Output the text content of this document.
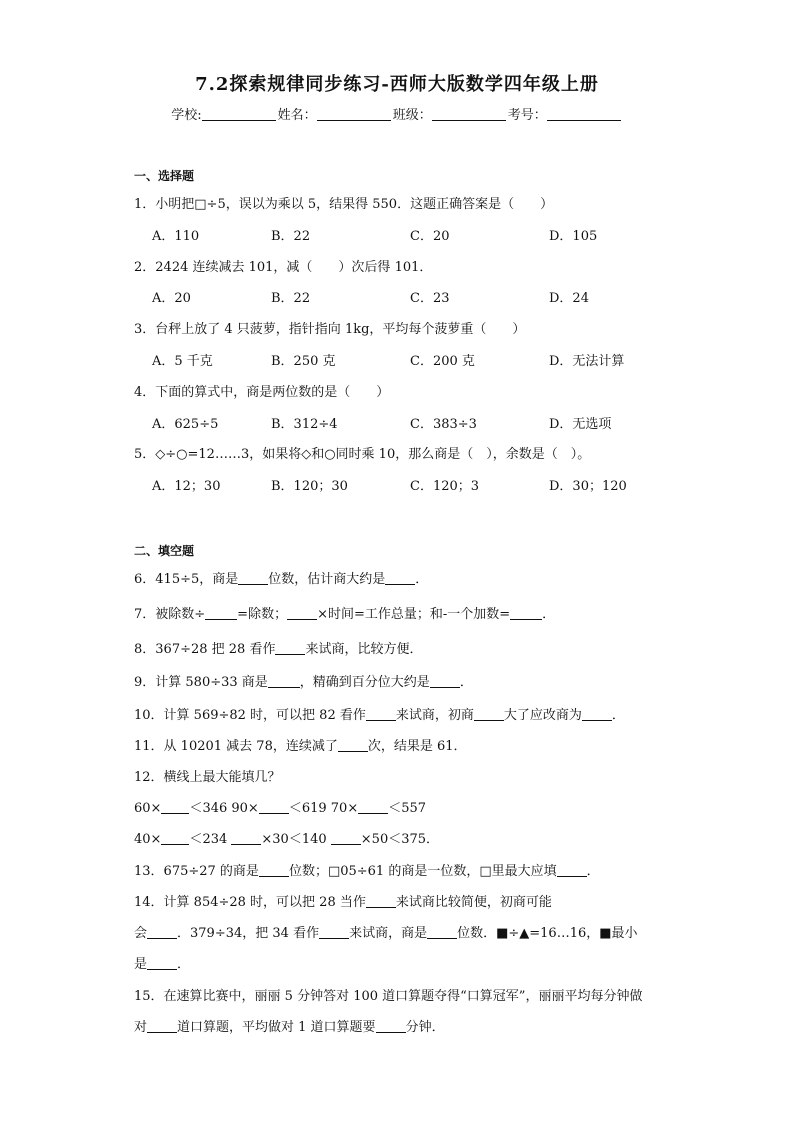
7.2探索规律同步练习-西师大版数学四年级上册
学校:	姓名：	班级：	考号：
一、选择题
1．小明把□÷5，误以为乘以 5，结果得 550．这题正确答案是（　　）
A．110	B．22	C．20	D．105
2．2424 连续减去 101，减（　　）次后得 101．
A．20	B．22	C．23	D．24
3．台秤上放了 4 只菠萝，指针指向 1kg，平均每个菠萝重（　　）
A．5 千克	B．250 克	C．200 克	D．无法计算
4．下面的算式中，商是两位数的是（　　）
A．625÷5	B．312÷4	C．383÷3	D．无选项
5．◇÷○=12……3，如果将◇和○同时乘 10，那么商是（　），余数是（　）。
A．12；30	B．120；30	C．120；3	D．30；120
二、填空题
6．415÷5，商是 位数，估计商大约是 ．
7．被除数÷ =除数； ×时间=工作总量；和-一个加数= ．
8．367÷28 把 28 看作 来试商，比较方便．
9．计算 580÷33 商是 ，精确到百分位大约是 ．
10．计算 569÷82 时，可以把 82 看作 来试商，初商 大了应改商为 ．
11．从 10201 减去 78，连续减了 次，结果是 61．
12．横线上最大能填几？
60× ＜346 90× ＜619 70× ＜557
40× ＜234 ×30＜140 ×50＜375．
13．675÷27 的商是 位数；□05÷61 的商是一位数，□里最大应填 ．
14．计算 854÷28 时，可以把 28 当作 来试商比较简便，初商可能
会 ．379÷34，把 34 看作 来试商，商是 位数．■÷▲=16…16，■最小
是 ．
15．在速算比赛中，丽丽 5 分钟答对 100 道口算题夺得“口算冠军”，丽丽平均每分钟做
对 道口算题，平均做对 1 道口算题要 分钟．
